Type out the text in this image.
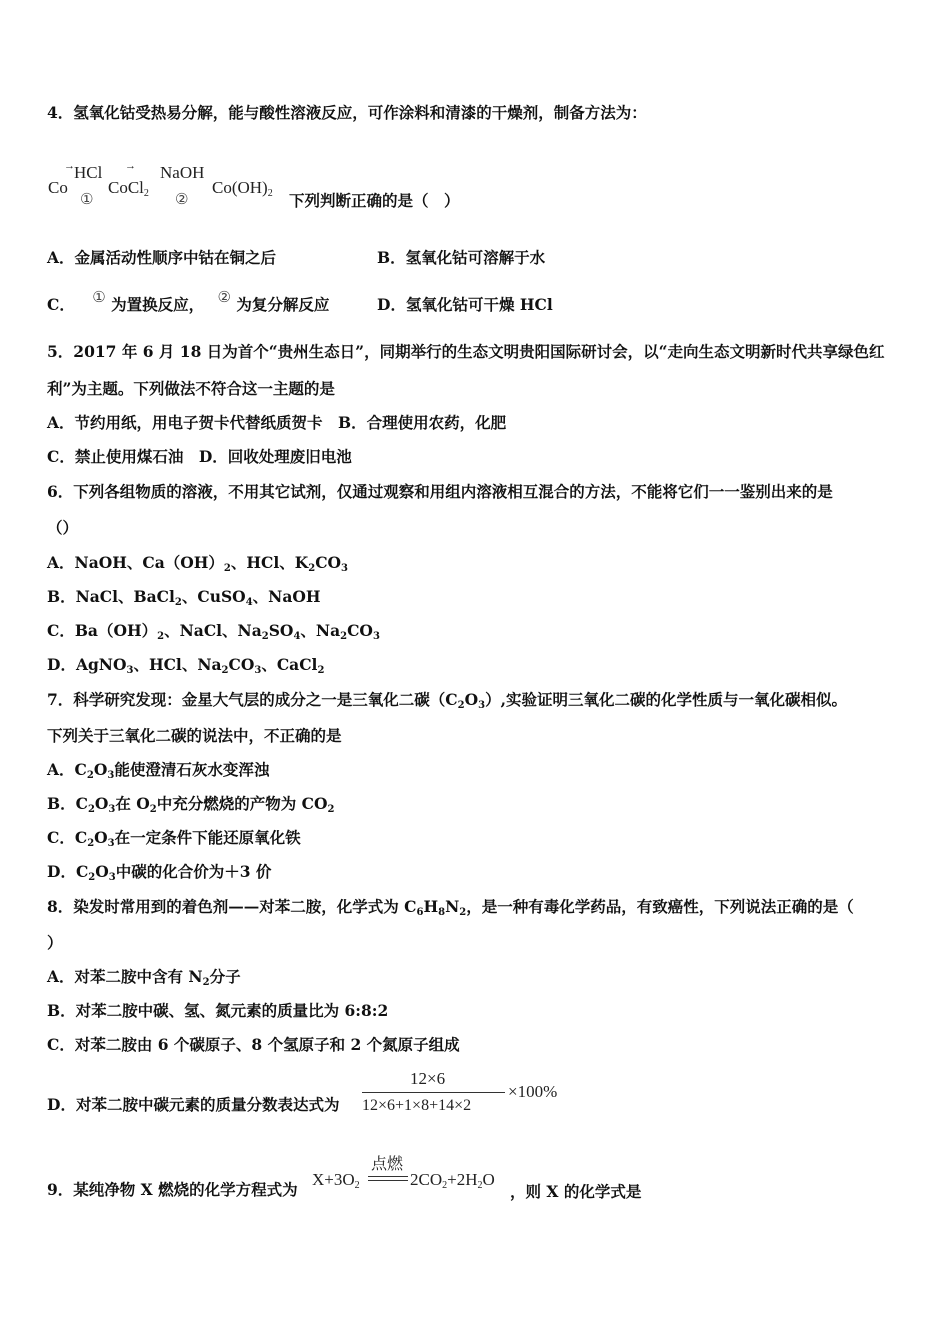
4．氢氧化钴受热易分解，能与酸性溶液反应，可作涂料和清漆的干燥剂，制备方法为：
Co
→ HCl
①
→
CoCl$_2$
NaOH
②
$Co(OH)_2$ 下列判断正确的是（　）
A．金属活动性顺序中钴在铜之后	B．氢氧化钴可溶解于水
C． ① 为置换反应， ② 为复分解反应	D．氢氧化钴可干燥 HCl
5．2017 年 6 月 18 日为首个“贵州生态日”，同期举行的生态文明贵阳国际研讨会，以“走向生态文明新时代共享绿色红
利”为主题。下列做法不符合这一主题的是
A．节约用纸，用电子贺卡代替纸质贺卡　B．合理使用农药，化肥
C．禁止使用煤石油　D．回收处理废旧电池
6．下列各组物质的溶液，不用其它试剂，仅通过观察和用组内溶液相互混合的方法，不能将它们一一鉴别出来的是
（）
A．NaOH、$Ca(OH)_2$、HCl、$K_2CO_3$
B．NaCl、BaCl$_2$、CuSO$_4$、NaOH
C．$Ba(OH)_2$、NaCl、$Na_2SO_4$、$Na_2CO_3$
D．AgNO$_3$、HCl、$Na_2CO_3$、CaCl$_2$
7．科学研究发现：金星大气层的成分之一是三氧化二碳$(C_2O_3)$,实验证明三氧化二碳的化学性质与一氧化碳相似。
下列关于三氧化二碳的说法中，不正确的是
A．$C_2O_3$能使澄清石灰水变浑浊
B．$C_2O_3$在 $O_2$中充分燃烧的产物为 $CO_2$
C．$C_2O_3$在一定条件下能还原氧化铁
D．$C_2O_3$中碳的化合价为＋3 价
8．染发时常用到的着色剂——对苯二胺，化学式为 $C_6H_8N_2$，是一种有毒化学药品，有致癌性，下列说法正确的是（
）
A．对苯二胺中含有 $N_2$分子
B．对苯二胺中碳、氢、氮元素的质量比为 6:8:2
C．对苯二胺由 6 个碳原子、8 个氢原子和 2 个氮原子组成
D．对苯二胺中碳元素的质量分数表达式为
12×6
12×6+1×8+14×2
×100%
9．某纯净物 X 燃烧的化学方程式为
$X+3O_2$
点燃
$2CO_2+2H_2O$
，则 X 的化学式是
